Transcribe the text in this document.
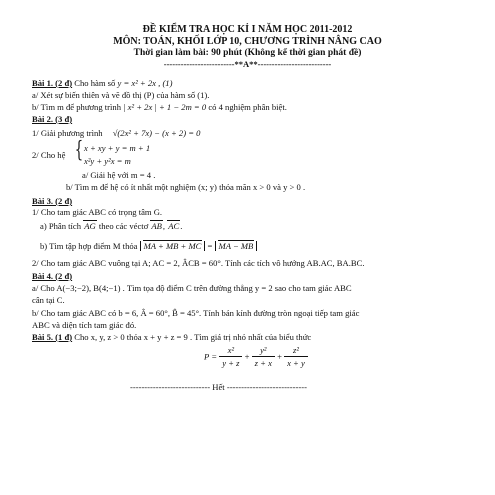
ĐỀ KIỂM TRA HỌC KỈ I NĂM HỌC 2011-2012
MÔN: TOÁN, KHỐI LỚP 10, CHƯƠNG TRÌNH NÂNG CAO
Thời gian làm bài: 90 phút (Không kể thời gian phát đề)
-------------------------**A**--------------------------
Bài 1. (2 đ) Cho hàm số y = x² + 2x , (1)
a/ Xét sự biến thiên và vẽ đồ thị (P) của hàm số (1).
b/ Tìm m để phương trình | x² + 2x | + 1 − 2m = 0 có 4 nghiệm phân biệt.
Bài 2. (3 đ)
1/ Giải phương trình √(2x² + 7x) − (x + 2) = 0
2/ Cho hệ { x + xy + y = m + 1
x²y + y²x = m
a/ Giải hệ với m = 4 .
b/ Tìm m để hệ có ít nhất một nghiệm (x; y) thỏa mãn x > 0 và y > 0 .
Bài 3. (2 đ)
1/ Cho tam giác ABC có trọng tâm G.
a) Phân tích AG theo các véctơ AB, AC.
b) Tìm tập hợp điểm M thỏa MA + MB + MC = MA − MB
2/ Cho tam giác ABC vuông tại A; AC = 2, ÂCB = 60°. Tính các tích vô hướng AB.AC, BA.BC.
Bài 4. (2 đ)
a/ Cho A(−3;−2), B(4;−1) . Tìm tọa độ điểm C trên đường thẳng y = 2 sao cho tam giác ABC
cân tại C.
b/ Cho tam giác ABC có b = 6, Â = 60°, B̂ = 45°. Tính bán kính đường tròn ngoại tiếp tam giác
ABC và diện tích tam giác đó.
Bài 5. (1 đ) Cho x, y, z > 0 thỏa x + y + z = 9 . Tìm giá trị nhỏ nhất của biểu thức
$P = \frac{\text{x²}}{y + z} + \frac{\text{y²}}{z + x} + \frac{\text{z²}}{x + y}$
---------------------------- Hết ----------------------------
